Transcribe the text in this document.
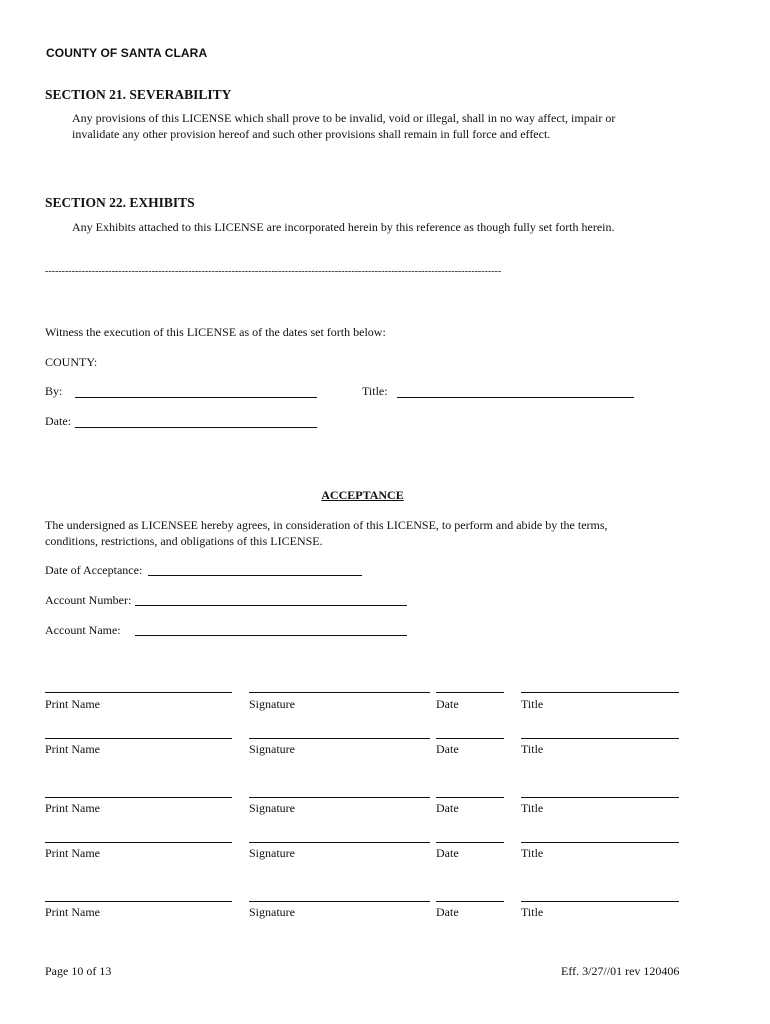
COUNTY OF SANTA CLARA
SECTION 21. SEVERABILITY
Any provisions of this LICENSE which shall prove to be invalid, void or illegal, shall in no way affect, impair or
invalidate any other provision hereof and such other provisions shall remain in full force and effect.
SECTION 22. EXHIBITS
Any Exhibits attached to this LICENSE are incorporated herein by this reference as though fully set forth herein.
-----------------------------------------------------------------------------------------------------------------------------------------
Witness the execution of this LICENSE as of the dates set forth below:
COUNTY:
By:	Title:
Date:
ACCEPTANCE
The undersigned as LICENSEE hereby agrees, in consideration of this LICENSE, to perform and abide by the terms,
conditions, restrictions, and obligations of this LICENSE.
Date of Acceptance:
Account Number:
Account Name:
Print Name	Signature	Date	Title
Print Name	Signature	Date	Title
Print Name	Signature	Date	Title
Print Name	Signature	Date	Title
Print Name	Signature	Date	Title
Page 10 of 13	Eff. 3/27//01 rev 120406
